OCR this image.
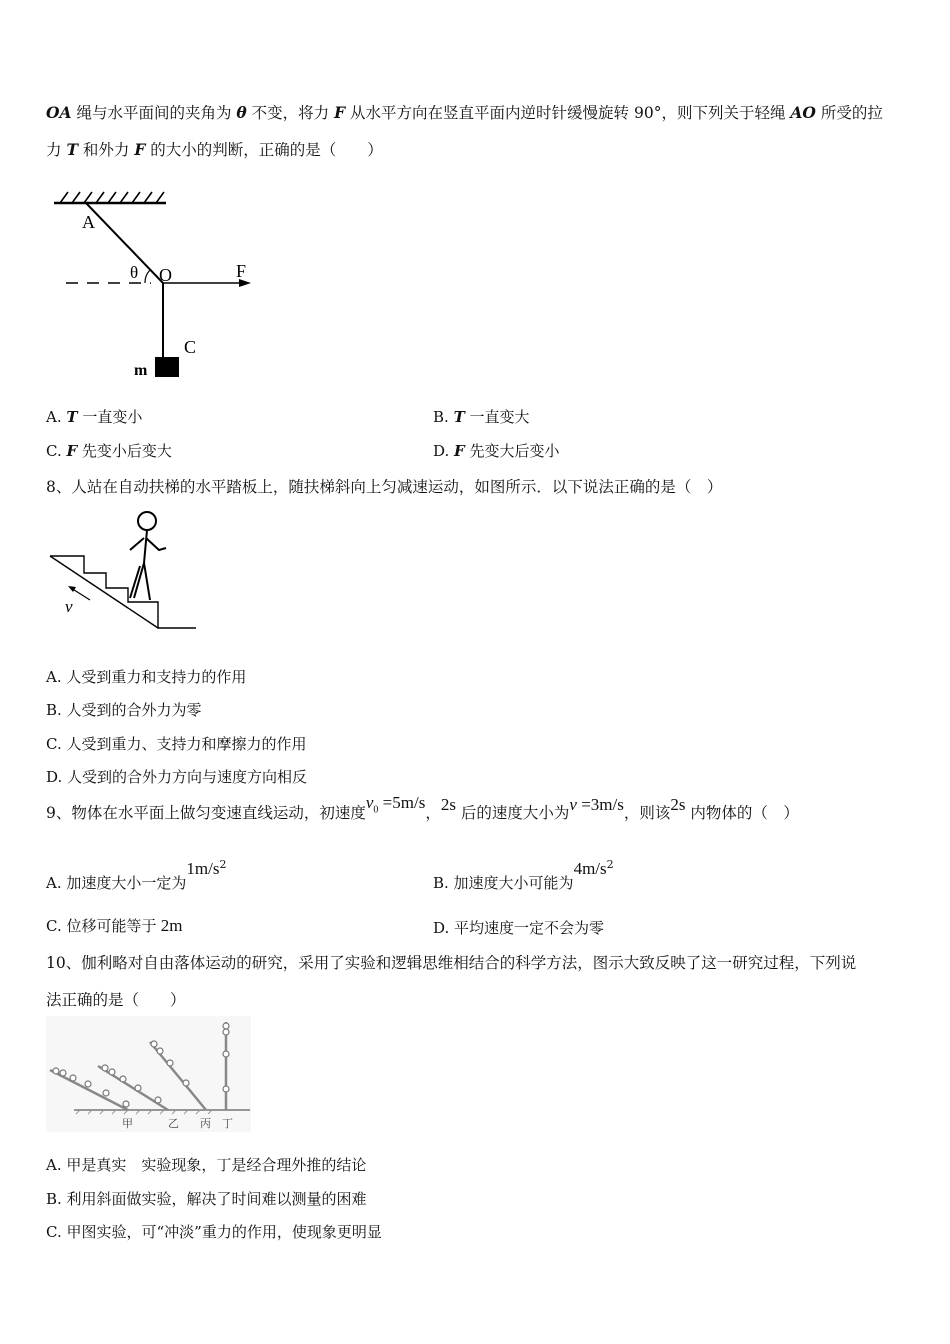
OA 绳与水平面间的夹角为 θ 不变，将力 F 从水平方向在竖直平面内逆时针缓慢旋转 90°，则下列关于轻绳 AO 所受的拉
力 T 和外力 F 的大小的判断，正确的是（　　）
A
θ O	F
C
m
A. T 一直变小	B. T 一直变大
C. F 先变小后变大	D. F 先变大后变小
8、人站在自动扶梯的水平踏板上，随扶梯斜向上匀减速运动，如图所示．以下说法正确的是（　）
v
A. 人受到重力和支持力的作用
B. 人受到的合外力为零
C. 人受到重力、支持力和摩擦力的作用
D. 人受到的合外力方向与速度方向相反
9、物体在水平面上做匀变速直线运动，初速度$v_0 =5m/s$，2s 后的速度大小为v =3m/s，则该2s 内物体的（　）
A. 加速度大小一定为$1m/s^2$
B. 加速度大小可能为$4m/s^2$
C. 位移可能等于 2m	D. 平均速度一定不会为零
10、伽利略对自由落体运动的研究，采用了实验和逻辑思维相结合的科学方法，图示大致反映了这一研究过程，下列说
法正确的是（　　）
甲	乙 丙 丁
A. 甲是真实　实验现象，丁是经合理外推的结论
B. 利用斜面做实验，解决了时间难以测量的困难
C. 甲图实验，可“冲淡”重力的作用，使现象更明显
